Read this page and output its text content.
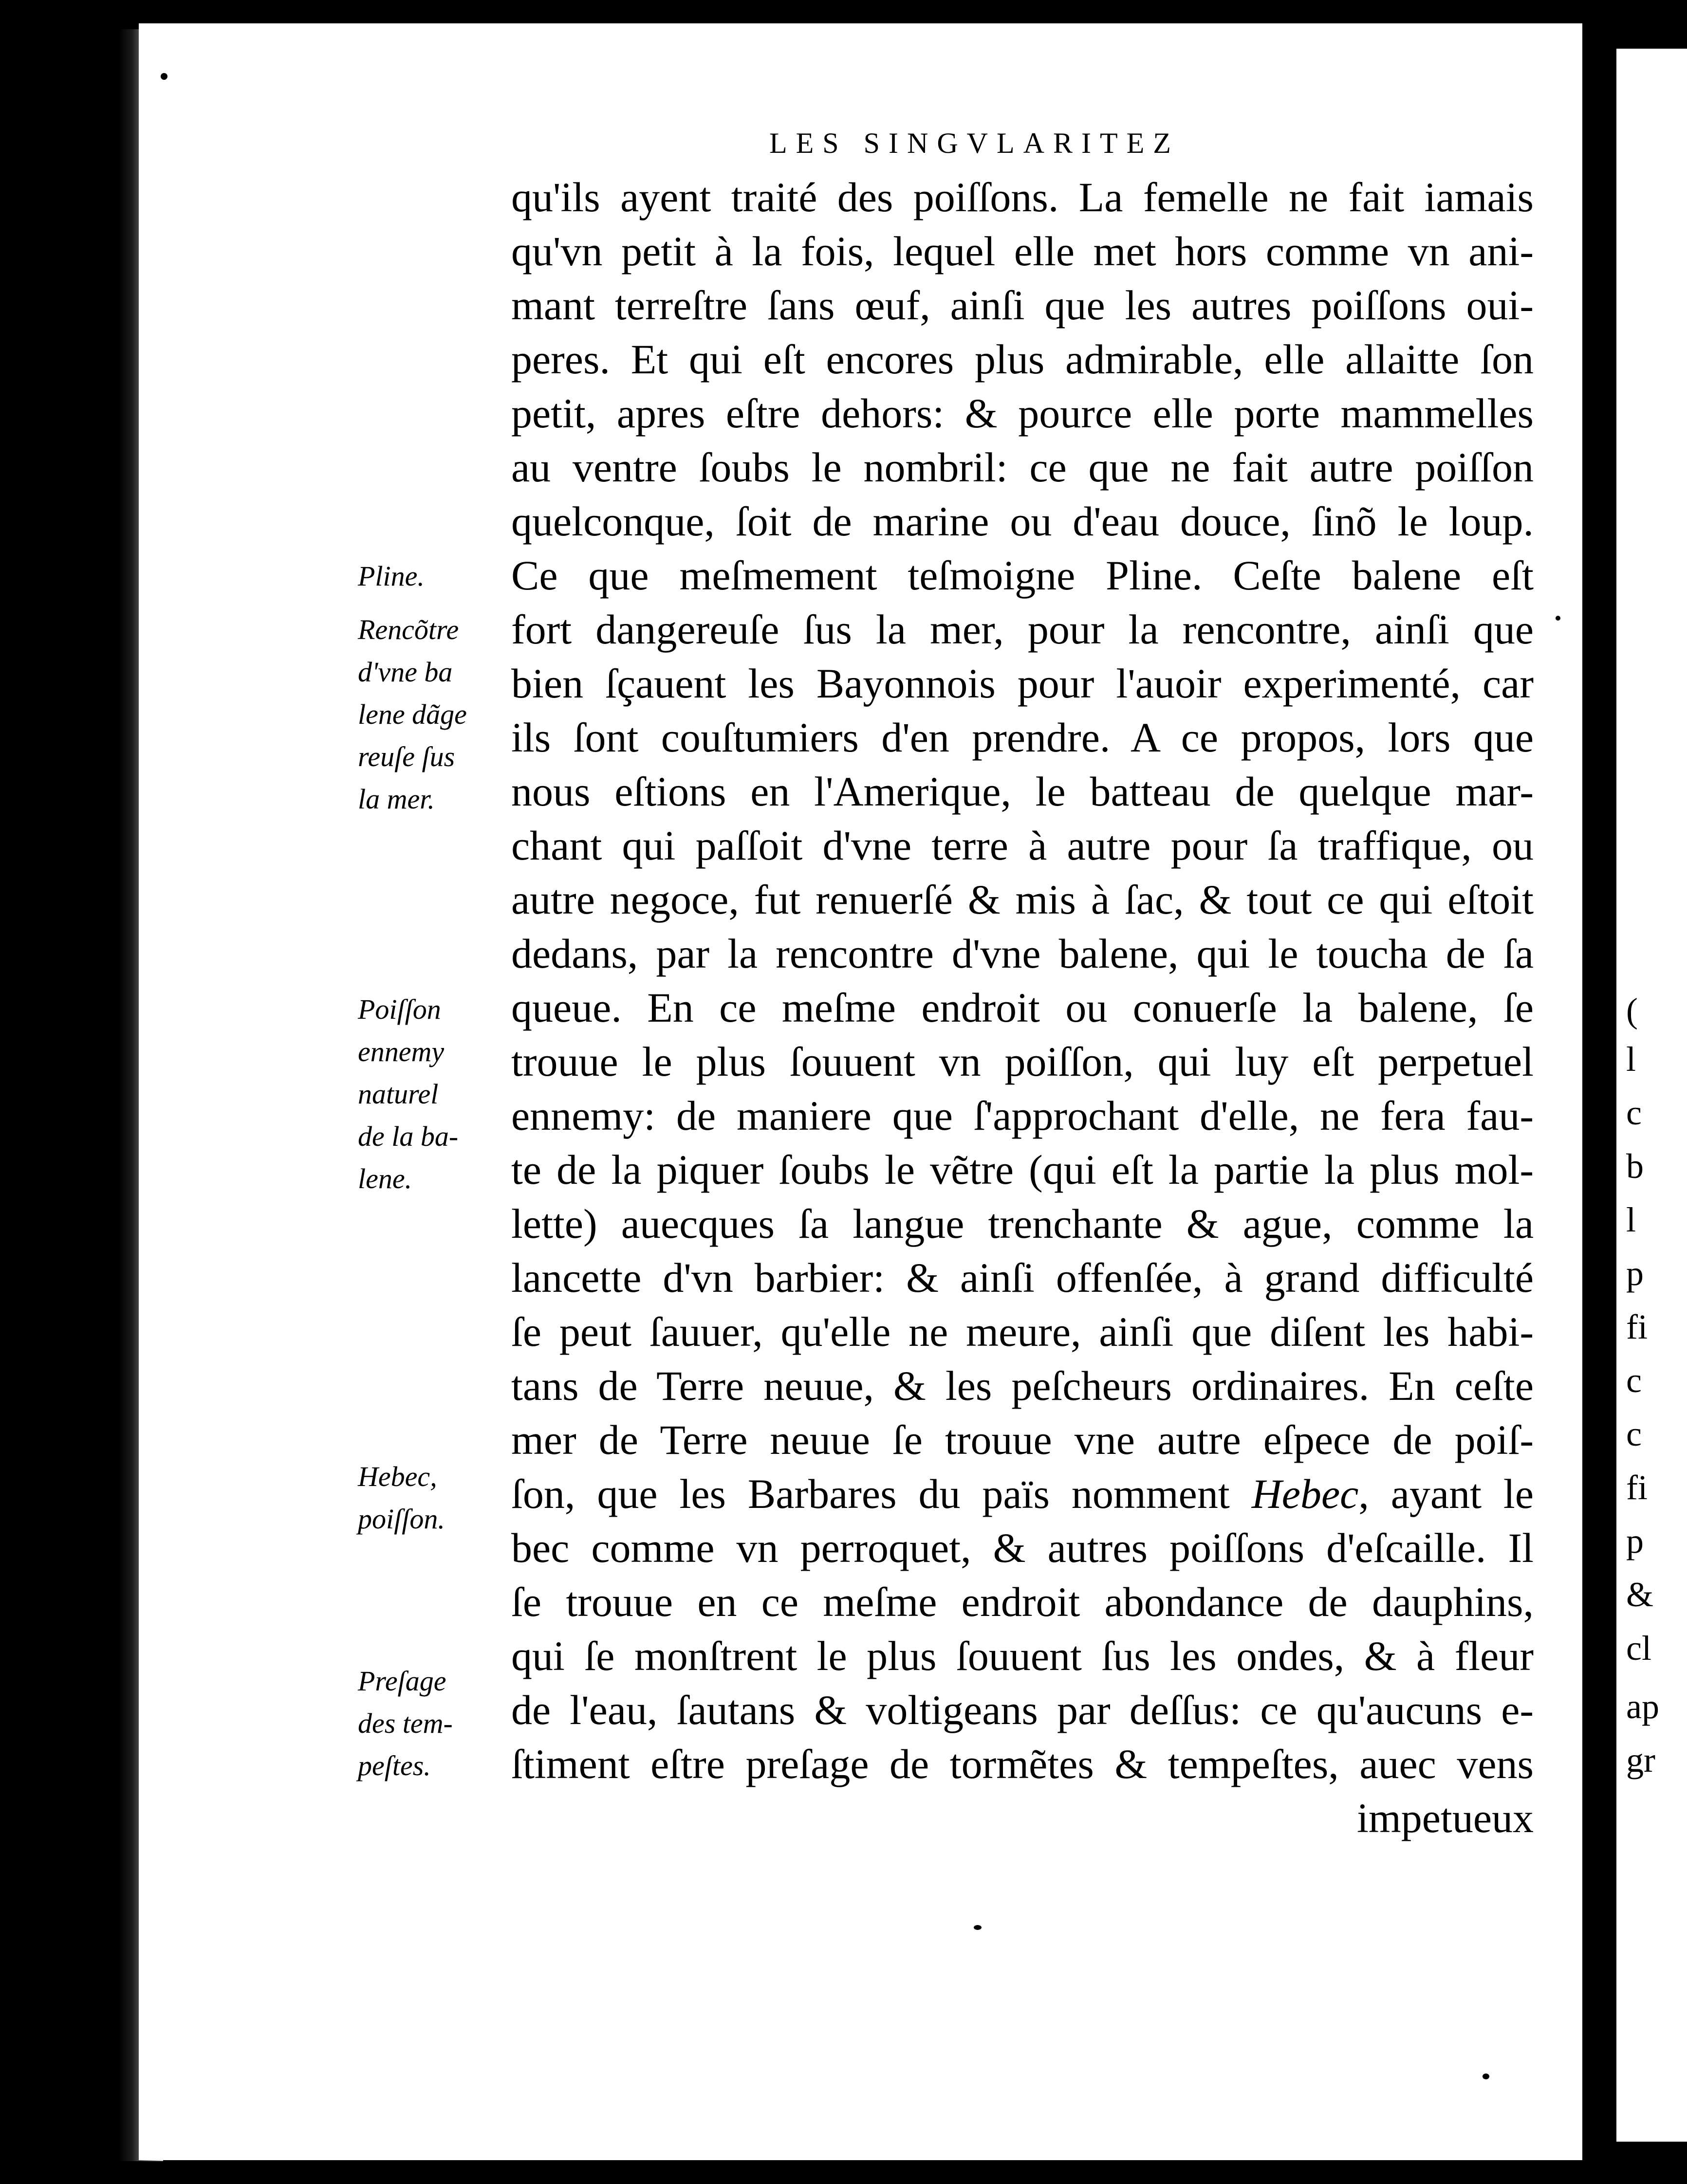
(
l
c
b
l
p
fi
c
c
fi
p
&
cl
ap
gr
LES SINGVLARITEZ
qu'ils ayent traité des poiſſons. La femelle ne fait iamais
qu'vn petit à la fois, lequel elle met hors comme vn ani-
mant terreſtre ſans œuf, ainſi que les autres poiſſons oui-
peres. Et qui eſt encores plus admirable, elle allaitte ſon
petit, apres eſtre dehors: & pource elle porte mammelles
au ventre ſoubs le nombril: ce que ne fait autre poiſſon
quelconque, ſoit de marine ou d'eau douce, ſinõ le loup.
Ce que meſmement teſmoigne Pline. Ceſte balene eſt
fort dangereuſe ſus la mer, pour la rencontre, ainſi que
bien ſçauent les Bayonnois pour l'auoir experimenté, car
ils ſont couſtumiers d'en prendre. A ce propos, lors que
nous eſtions en l'Amerique, le batteau de quelque mar-
chant qui paſſoit d'vne terre à autre pour ſa traffique, ou
autre negoce, fut renuerſé & mis à ſac, & tout ce qui eſtoit
dedans, par la rencontre d'vne balene, qui le toucha de ſa
queue. En ce meſme endroit ou conuerſe la balene, ſe
trouue le plus ſouuent vn poiſſon, qui luy eſt perpetuel
ennemy: de maniere que ſ'approchant d'elle, ne fera fau-
te de la piquer ſoubs le vẽtre (qui eſt la partie la plus mol-
lette) auecques ſa langue trenchante & ague, comme la
lancette d'vn barbier: & ainſi offenſée, à grand difficulté
ſe peut ſauuer, qu'elle ne meure, ainſi que diſent les habi-
tans de Terre neuue, & les peſcheurs ordinaires. En ceſte
mer de Terre neuue ſe trouue vne autre eſpece de poiſ-
ſon, que les Barbares du païs nomment Hebec, ayant le
bec comme vn perroquet, & autres poiſſons d'eſcaille. Il
ſe trouue en ce meſme endroit abondance de dauphins,
qui ſe monſtrent le plus ſouuent ſus les ondes, & à fleur
de l'eau, ſautans & voltigeans par deſſus: ce qu'aucuns e-
ſtiment eſtre preſage de tormẽtes & tempeſtes, auec vens
impetueux
Pline.
Rencõtre
d'vne ba
lene dãge
reuſe ſus
la mer.
Poiſſon
ennemy
naturel
de la ba-
lene.
Hebec,
poiſſon.
Preſage
des tem-
peſtes.
